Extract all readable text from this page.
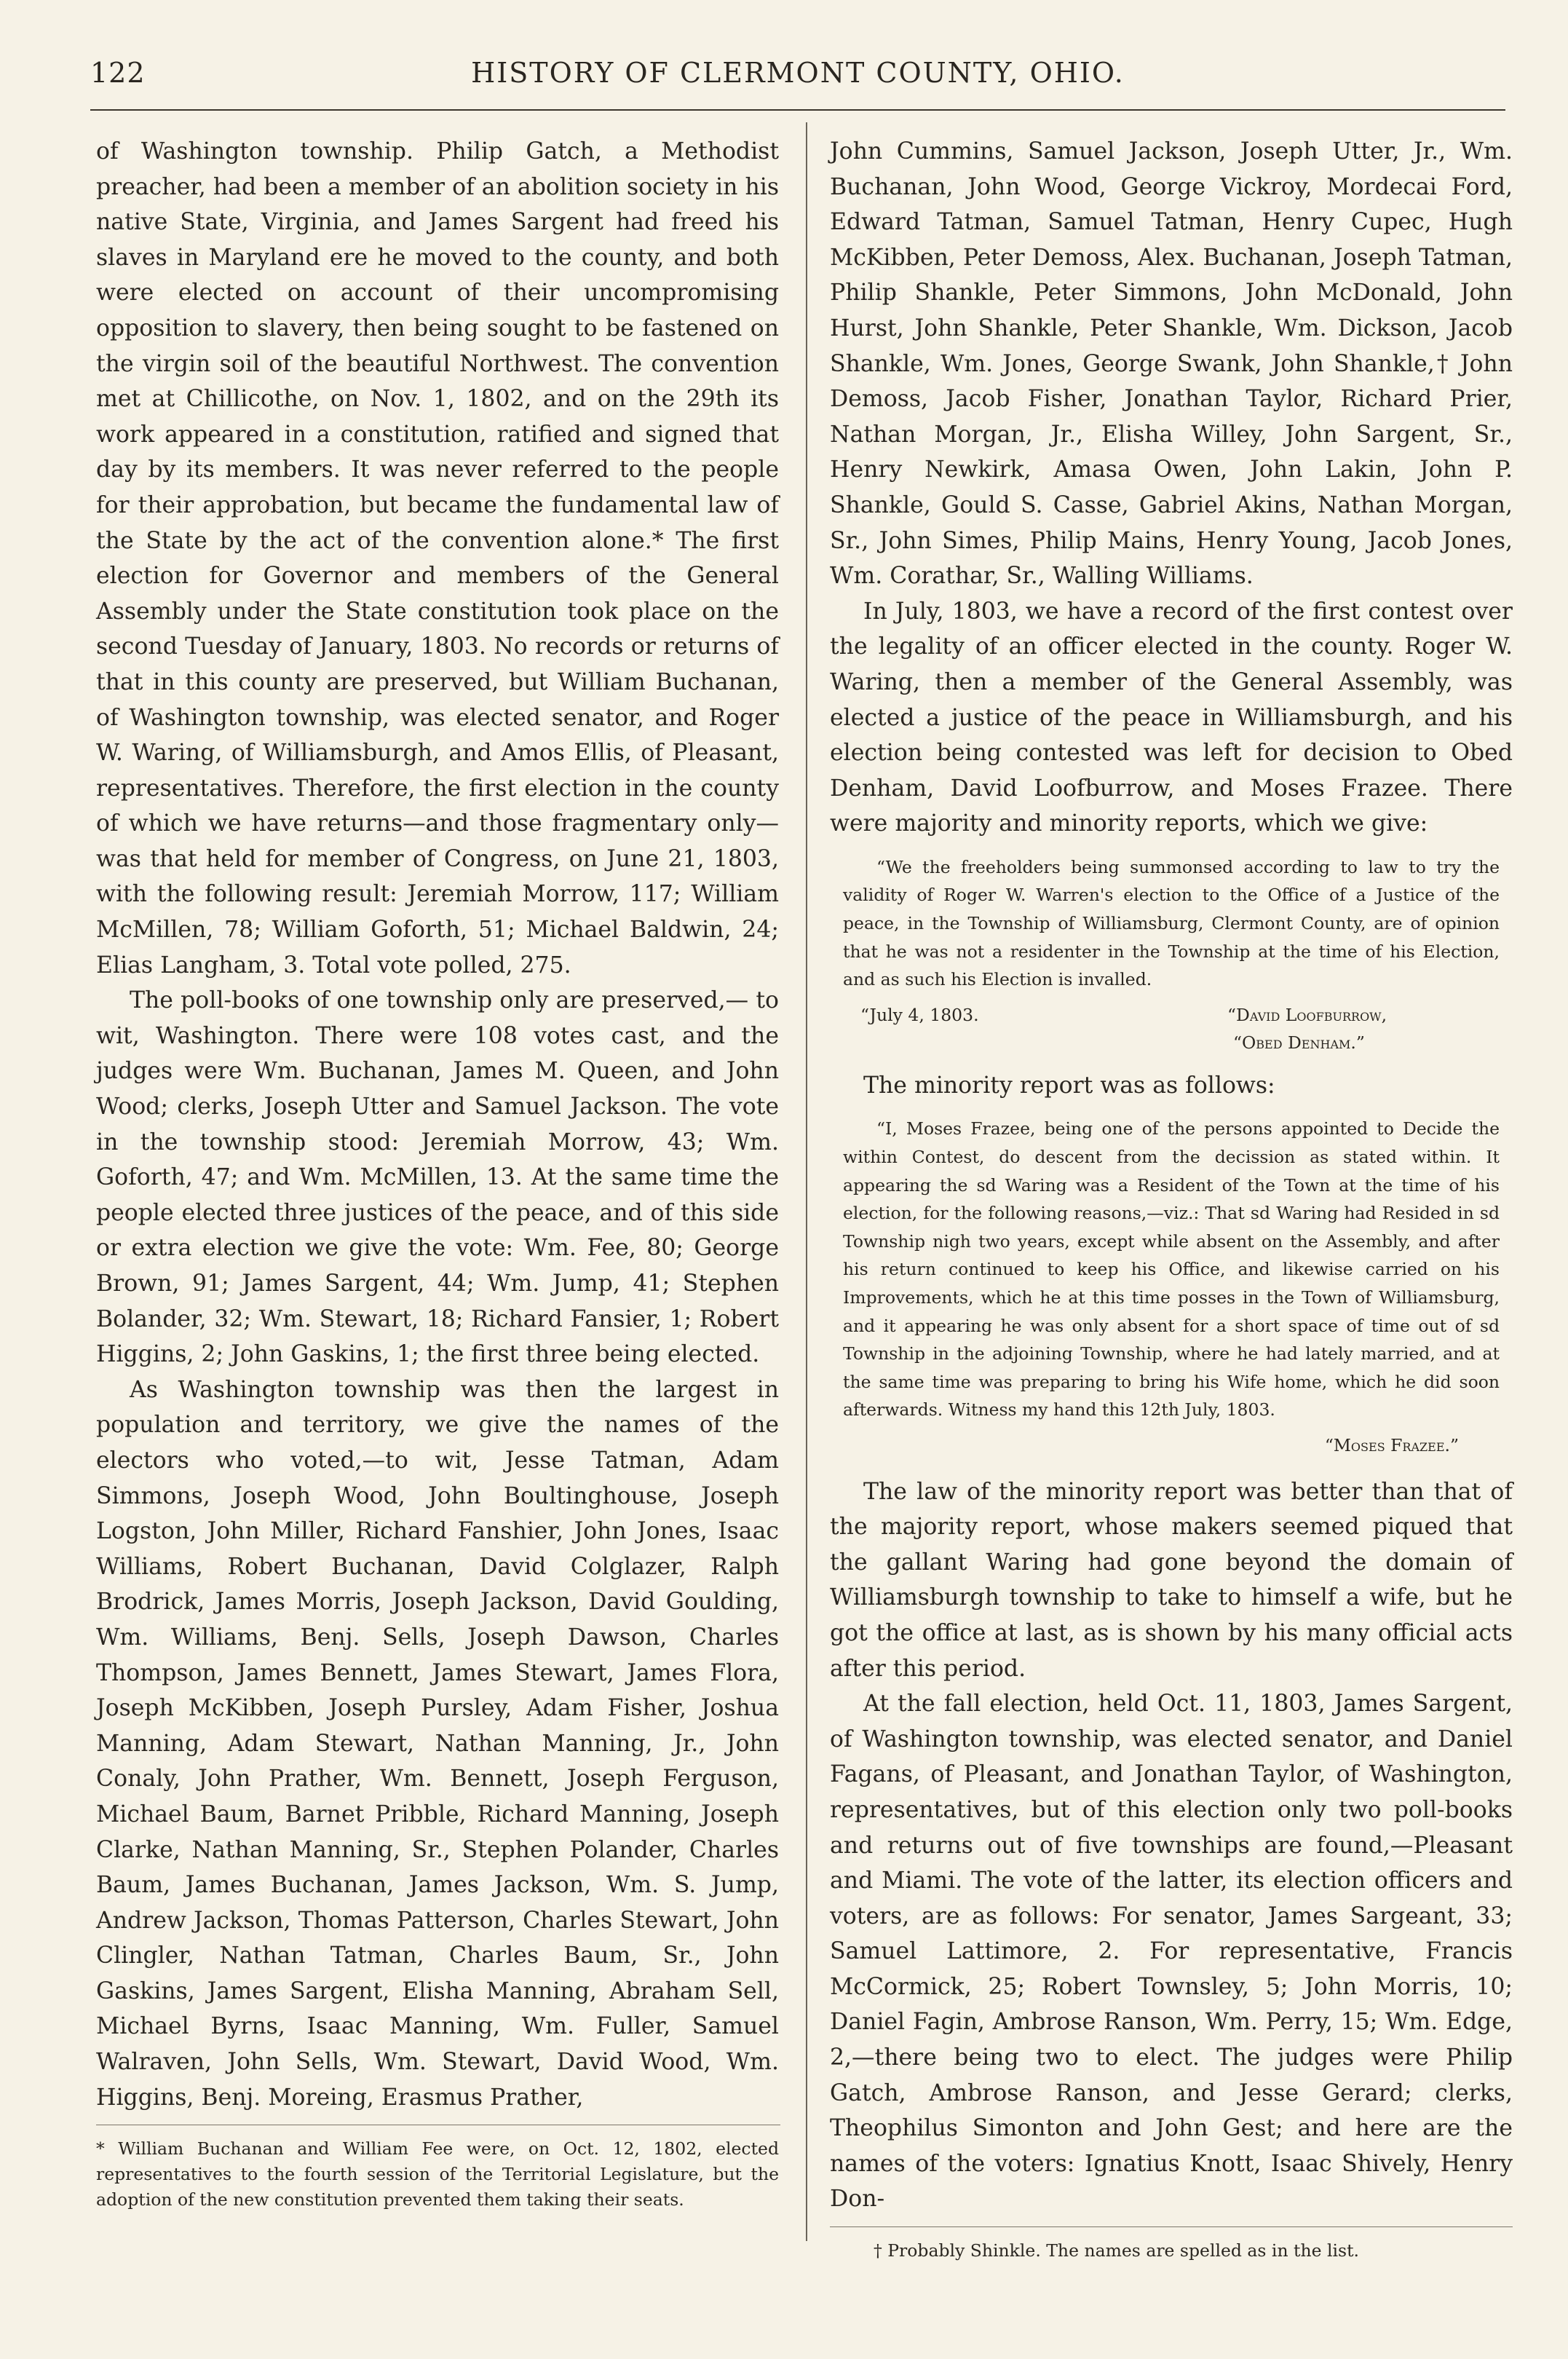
122	HISTORY OF CLERMONT COUNTY, OHIO.

of Washington township. Philip Gatch, a Methodist preacher, had been a member of an abolition society in his native State, Virginia, and James Sargent had freed his slaves in Maryland ere he moved to the county, and both were elected on account of their uncompromising opposition to slavery, then being sought to be fastened on the virgin soil of the beautiful Northwest. The convention met at Chillicothe, on Nov. 1, 1802, and on the 29th its work appeared in a constitution, ratified and signed that day by its members. It was never referred to the people for their approbation, but became the fundamental law of the State by the act of the convention alone.* The first election for Governor and members of the General Assembly under the State constitution took place on the second Tuesday of January, 1803. No records or returns of that in this county are preserved, but William Buchanan, of Washington township, was elected senator, and Roger W. Waring, of Williamsburgh, and Amos Ellis, of Pleasant, representatives. Therefore, the first election in the county of which we have returns—and those fragmentary only—was that held for member of Congress, on June 21, 1803, with the following result: Jeremiah Morrow, 117; William McMillen, 78; William Goforth, 51; Michael Baldwin, 24; Elias Langham, 3. Total vote polled, 275.

The poll-books of one township only are preserved,— to wit, Washington. There were 108 votes cast, and the judges were Wm. Buchanan, James M. Queen, and John Wood; clerks, Joseph Utter and Samuel Jackson. The vote in the township stood: Jeremiah Morrow, 43; Wm. Goforth, 47; and Wm. McMillen, 13. At the same time the people elected three justices of the peace, and of this side or extra election we give the vote: Wm. Fee, 80; George Brown, 91; James Sargent, 44; Wm. Jump, 41; Stephen Bolander, 32; Wm. Stewart, 18; Richard Fansier, 1; Robert Higgins, 2; John Gaskins, 1; the first three being elected.

As Washington township was then the largest in population and territory, we give the names of the electors who voted,—to wit, Jesse Tatman, Adam Simmons, Joseph Wood, John Boultinghouse, Joseph Logston, John Miller, Richard Fanshier, John Jones, Isaac Williams, Robert Buchanan, David Colglazer, Ralph Brodrick, James Morris, Joseph Jackson, David Goulding, Wm. Williams, Benj. Sells, Joseph Dawson, Charles Thompson, James Bennett, James Stewart, James Flora, Joseph McKibben, Joseph Pursley, Adam Fisher, Joshua Manning, Adam Stewart, Nathan Manning, Jr., John Conaly, John Prather, Wm. Bennett, Joseph Ferguson, Michael Baum, Barnet Pribble, Richard Manning, Joseph Clarke, Nathan Manning, Sr., Stephen Polander, Charles Baum, James Buchanan, James Jackson, Wm. S. Jump, Andrew Jackson, Thomas Patterson, Charles Stewart, John Clingler, Nathan Tatman, Charles Baum, Sr., John Gaskins, James Sargent, Elisha Manning, Abraham Sell, Michael Byrns, Isaac Manning, Wm. Fuller, Samuel Walraven, John Sells, Wm. Stewart, David Wood, Wm. Higgins, Benj. Moreing, Erasmus Prather,

* William Buchanan and William Fee were, on Oct. 12, 1802, elected representatives to the fourth session of the Territorial Legislature, but the adoption of the new constitution prevented them taking their seats.

John Cummins, Samuel Jackson, Joseph Utter, Jr., Wm. Buchanan, John Wood, George Vickroy, Mordecai Ford, Edward Tatman, Samuel Tatman, Henry Cupec, Hugh McKibben, Peter Demoss, Alex. Buchanan, Joseph Tatman, Philip Shankle, Peter Simmons, John McDonald, John Hurst, John Shankle, Peter Shankle, Wm. Dickson, Jacob Shankle, Wm. Jones, George Swank, John Shankle,† John Demoss, Jacob Fisher, Jonathan Taylor, Richard Prier, Nathan Morgan, Jr., Elisha Willey, John Sargent, Sr., Henry Newkirk, Amasa Owen, John Lakin, John P. Shankle, Gould S. Casse, Gabriel Akins, Nathan Morgan, Sr., John Simes, Philip Mains, Henry Young, Jacob Jones, Wm. Corathar, Sr., Walling Williams.

In July, 1803, we have a record of the first contest over the legality of an officer elected in the county. Roger W. Waring, then a member of the General Assembly, was elected a justice of the peace in Williamsburgh, and his election being contested was left for decision to Obed Denham, David Loofburrow, and Moses Frazee. There were majority and minority reports, which we give:

“We the freeholders being summonsed according to law to try the validity of Roger W. Warren's election to the Office of a Justice of the peace, in the Township of Williamsburg, Clermont County, are of opinion that he was not a residenter in the Township at the time of his Election, and as such his Election is invalled.

“July 4, 1803.	“David Loofburrow,
“Obed Denham.”

The minority report was as follows:

“I, Moses Frazee, being one of the persons appointed to Decide the within Contest, do descent from the decission as stated within. It appearing the sd Waring was a Resident of the Town at the time of his election, for the following reasons,—viz.: That sd Waring had Resided in sd Township nigh two years, except while absent on the Assembly, and after his return continued to keep his Office, and likewise carried on his Improvements, which he at this time posses in the Town of Williamsburg, and it appearing he was only absent for a short space of time out of sd Township in the adjoining Township, where he had lately married, and at the same time was preparing to bring his Wife home, which he did soon afterwards. Witness my hand this 12th July, 1803.

“Moses Frazee.”

The law of the minority report was better than that of the majority report, whose makers seemed piqued that the gallant Waring had gone beyond the domain of Williamsburgh township to take to himself a wife, but he got the office at last, as is shown by his many official acts after this period.

At the fall election, held Oct. 11, 1803, James Sargent, of Washington township, was elected senator, and Daniel Fagans, of Pleasant, and Jonathan Taylor, of Washington, representatives, but of this election only two poll-books and returns out of five townships are found,—Pleasant and Miami. The vote of the latter, its election officers and voters, are as follows: For senator, James Sargeant, 33; Samuel Lattimore, 2. For representative, Francis McCormick, 25; Robert Townsley, 5; John Morris, 10; Daniel Fagin, Ambrose Ranson, Wm. Perry, 15; Wm. Edge, 2,—there being two to elect. The judges were Philip Gatch, Ambrose Ranson, and Jesse Gerard; clerks, Theophilus Simonton and John Gest; and here are the names of the voters: Ignatius Knott, Isaac Shively, Henry Don-

† Probably Shinkle. The names are spelled as in the list.
